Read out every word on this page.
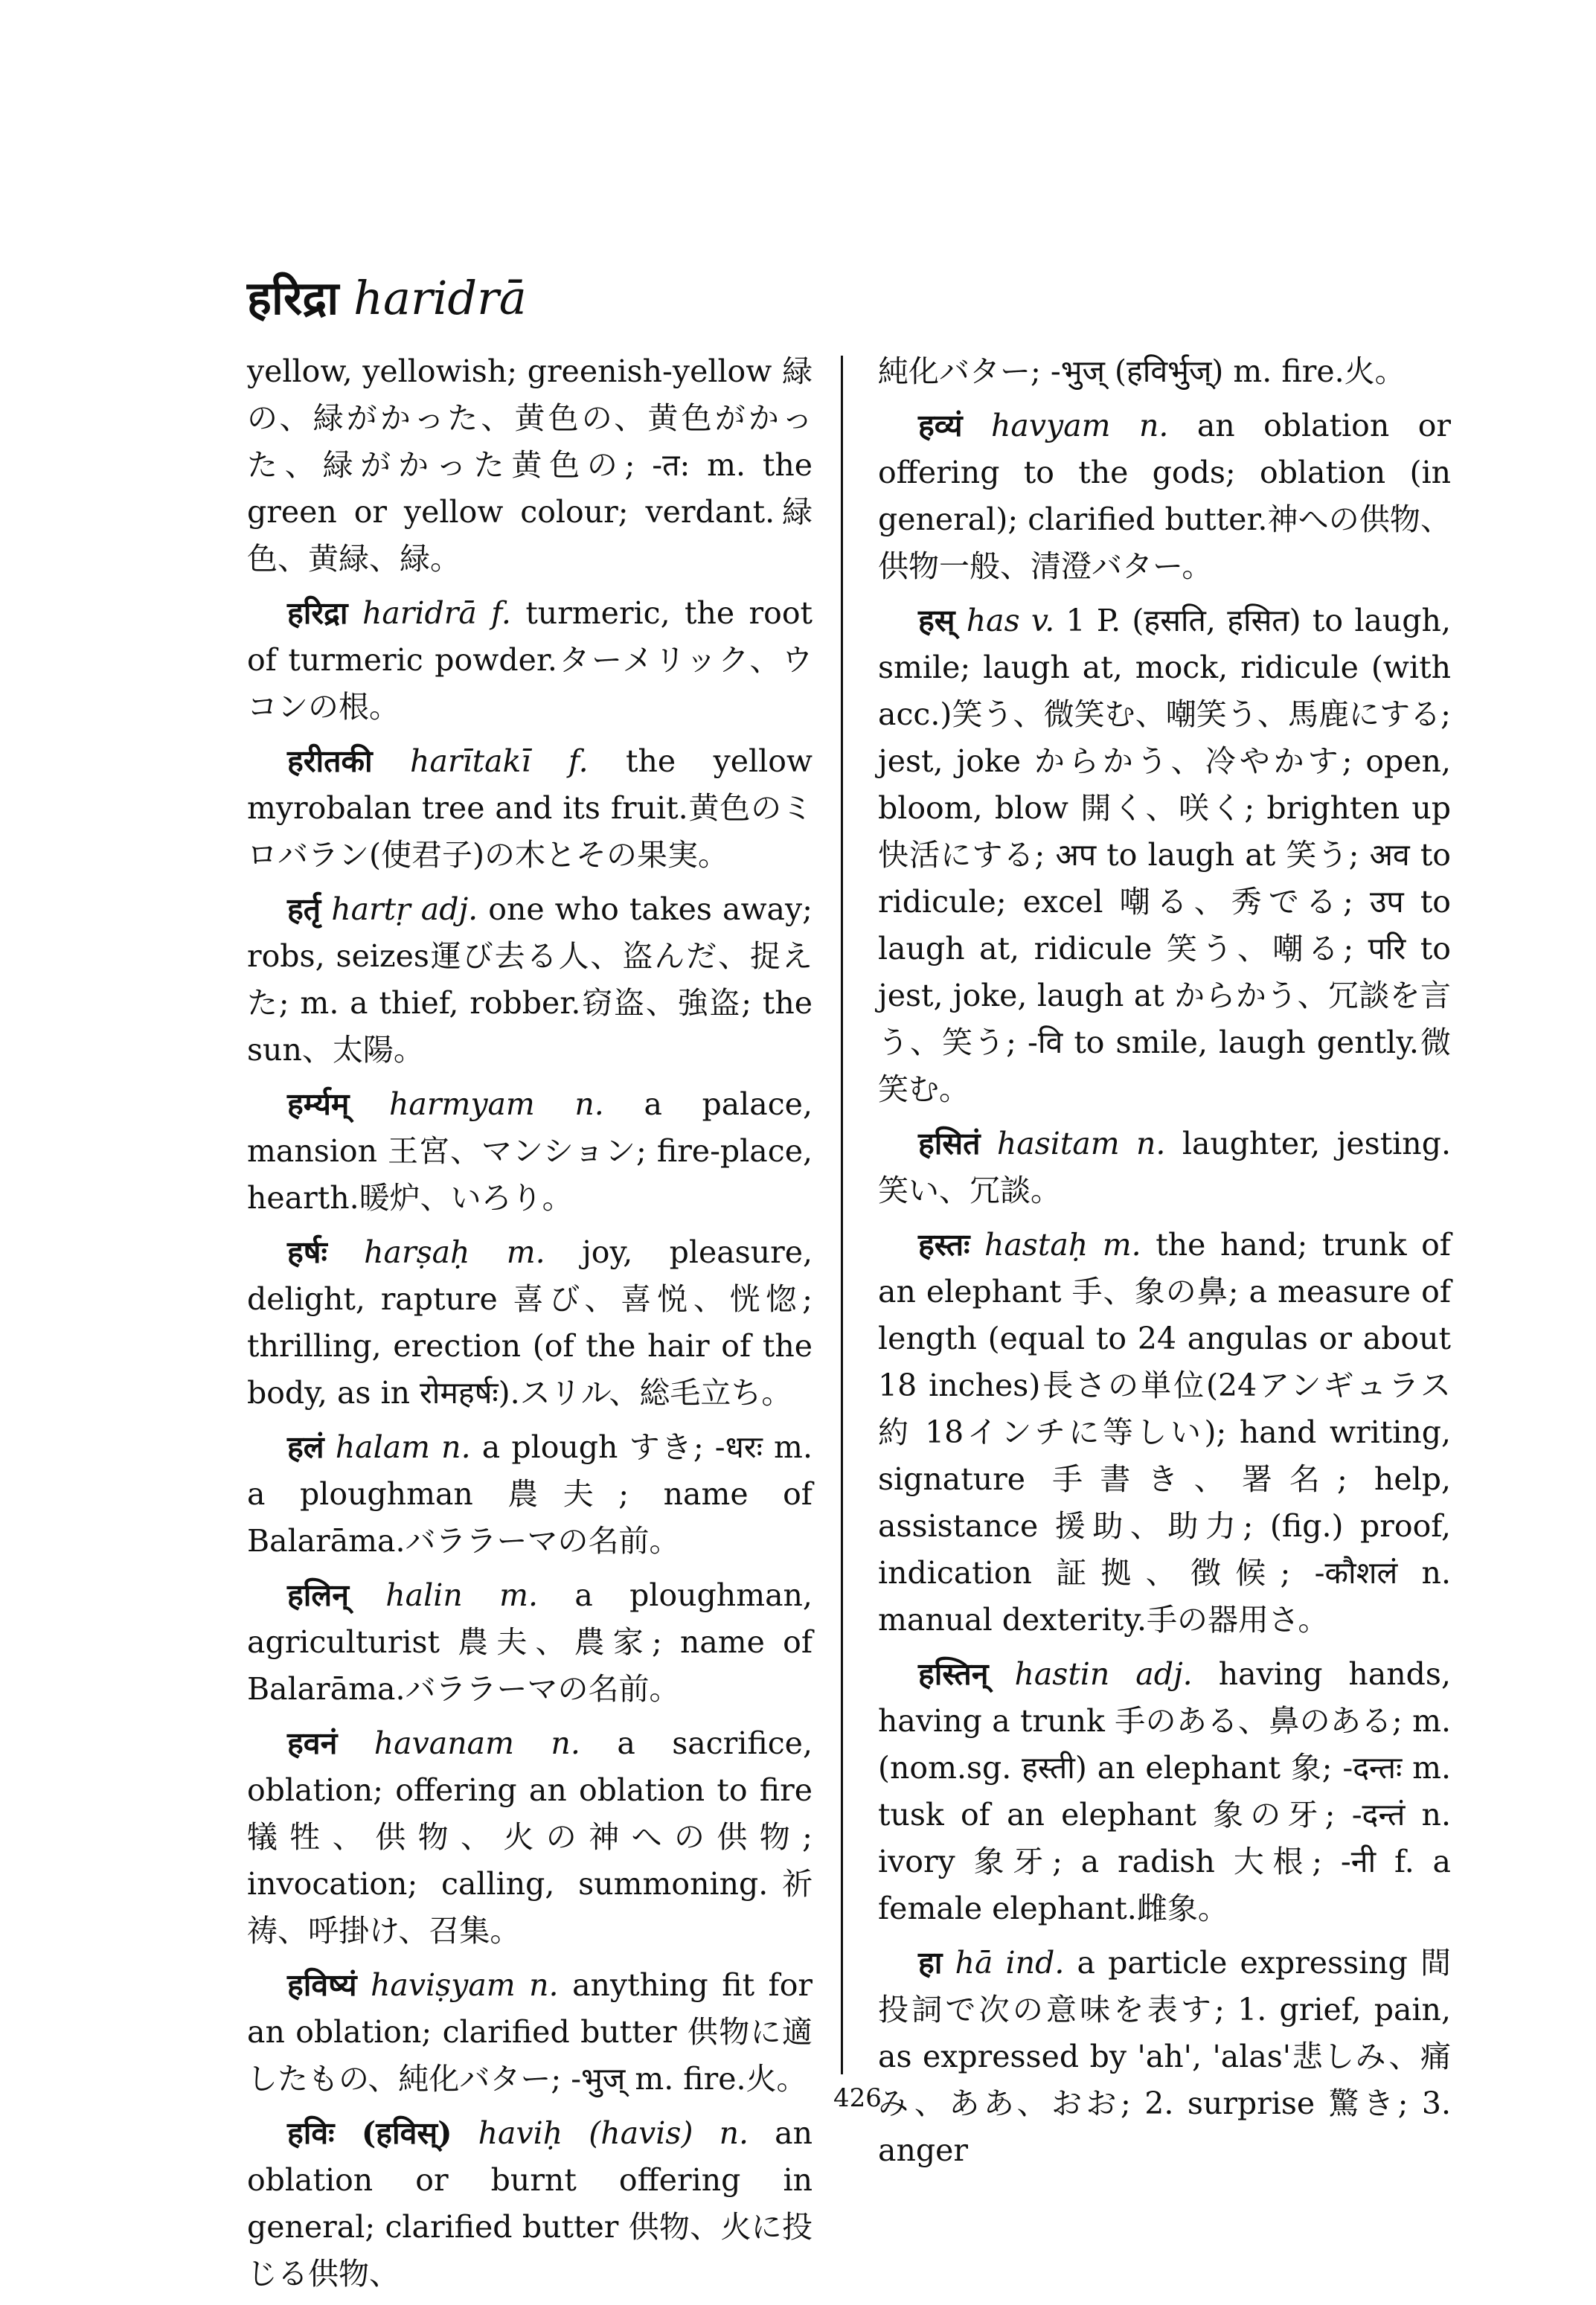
हरिद्रा haridrā

yellow, yellowish; greenish-yellow 緑の、緑がかった、黄色の、黄色がかった、緑がかった黄色の; -त: m. the green or yellow colour; verdant.緑色、黄緑、緑。

हरिद्रा haridrā f. turmeric, the root of turmeric powder.ターメリック、ウコンの根。

हरीतकी harītakī f. the yellow myrobalan tree and its fruit.黄色のミロバラン(使君子)の木とその果実。

हर्तृ hartṛ adj. one who takes away; robs, seizes運び去る人、盗んだ、捉えた; m. a thief, robber.窃盗、強盗; the sun、太陽。

हर्म्यम् harmyam n. a palace, mansion 王宮、マンション; fire-place, hearth.暖炉、いろり。

हर्षः harṣaḥ m. joy, pleasure, delight, rapture 喜び、喜悦、恍惚; thrilling, erection (of the hair of the body, as in रोमहर्षः).スリル、総毛立ち。

हलं halam n. a plough すき; -धरः m. a ploughman 農夫; name of Balarāma.バララーマの名前。

हलिन् halin m. a ploughman, agriculturist 農夫、農家; name of Balarāma.バララーマの名前。

हवनं havanam n. a sacrifice, oblation; offering an oblation to fire 犠牲、供物、火の神への供物; invocation; calling, summoning.祈祷、呼掛け、召集。

हविष्यं haviṣyam n. anything fit for an oblation; clarified butter 供物に適したもの、純化バター; -भुज् m. fire.火。

हविः (हविस्) haviḥ (havis) n. an oblation or burnt offering in general; clarified butter 供物、火に投じる供物、

純化バター; -भुज् (हविर्भुज्) m. fire.火。

हव्यं havyam n. an oblation or offering to the gods; oblation (in general); clarified butter.神への供物、供物一般、清澄バター。

हस् has v. 1 P. (हसति, हसित) to laugh, smile; laugh at, mock, ridicule (with acc.)笑う、微笑む、嘲笑う、馬鹿にする; jest, joke からかう、冷やかす; open, bloom, blow 開く、咲く; brighten up 快活にする; अप to laugh at 笑う; अव to ridicule; excel 嘲る、秀でる; उप to laugh at, ridicule 笑う、嘲る; परि to jest, joke, laugh at からかう、冗談を言う、笑う; -वि to smile, laugh gently.微笑む。

हसितं hasitam n. laughter, jesting. 笑い、冗談。

हस्तः hastaḥ m. the hand; trunk of an elephant 手、象の鼻; a measure of length (equal to 24 angulas or about 18 inches)長さの単位(24アンギュラス約 18インチに等しい); hand writing, signature 手書き、署名; help, assistance 援助、助力; (fig.) proof, indication 証拠、徴候; -कौशलं n. manual dexterity.手の器用さ。

हस्तिन् hastin adj. having hands, having a trunk 手のある、鼻のある; m.(nom.sg. हस्ती) an elephant 象; -दन्तः m. tusk of an elephant 象の牙; -दन्तं n. ivory 象牙; a radish 大根; -नी f. a female elephant.雌象。

हा hā ind. a particle expressing 間投詞で次の意味を表す; 1. grief, pain, as expressed by 'ah', 'alas'悲しみ、痛み、ああ、おお; 2. surprise 驚き; 3. anger

426
